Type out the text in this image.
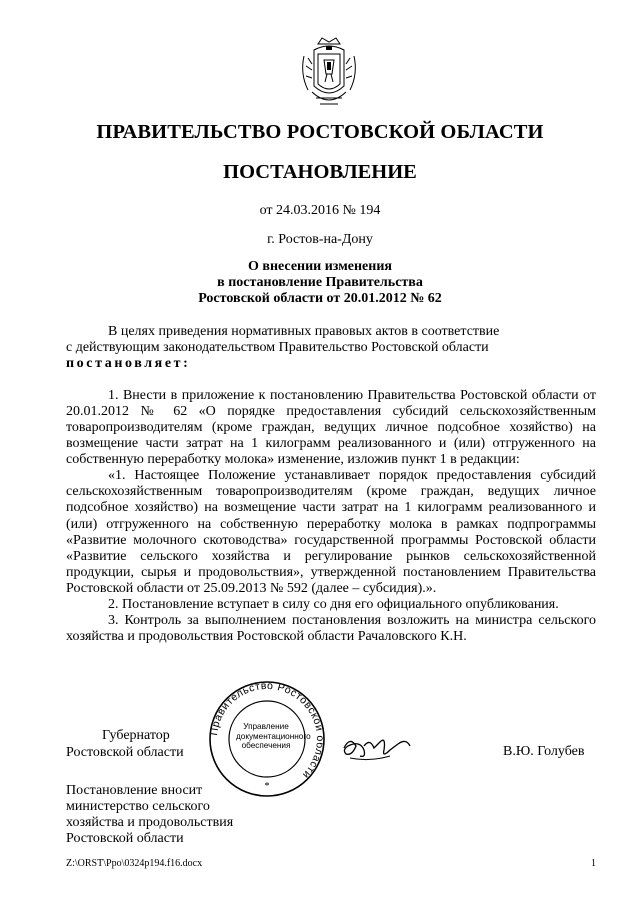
ПРАВИТЕЛЬСТВО РОСТОВСКОЙ ОБЛАСТИ
ПОСТАНОВЛЕНИЕ
от 24.03.2016 № 194
г. Ростов-на-Дону
О внесении изменения
в постановление Правительства
Ростовской области от 20.01.2012 № 62

В целях приведения нормативных правовых актов в соответствие

с действующим законодательством Правительство Ростовской области

постановляет:

1. Внести в приложение к постановлению Правительства Ростовской области от 20.01.2012 № 62 «О порядке предоставления субсидий сельскохозяйственным товаропроизводителям (кроме граждан, ведущих личное подсобное хозяйство) на возмещение части затрат на 1 килограмм реализованного и (или) отгруженного на собственную переработку молока» изменение, изложив пункт 1 в редакции:

«1. Настоящее Положение устанавливает порядок предоставления субсидий сельскохозяйственным товаропроизводителям (кроме граждан, ведущих личное подсобное хозяйство) на возмещение части затрат на 1 килограмм реализованного и (или) отгруженного на собственную переработку молока в рамках подпрограммы «Развитие молочного скотоводства» государственной программы Ростовской области «Развитие сельского хозяйства и регулирование рынков сельскохозяйственной продукции, сырья и продовольствия», утвержденной постановлением Правительства Ростовской области от 25.09.2013 № 592 (далее – субсидия).».

2. Постановление вступает в силу со дня его официального опубликования.

3. Контроль за выполнением постановления возложить на министра сельского хозяйства и продовольствия Ростовской области Рачаловского К.Н.

Правительство Ростовской области
*
Управление
документационного
обеспечения
Губернатор
Ростовской области	В.Ю. Голубев
Постановление вносит
министерство сельского
хозяйства и продовольствия
Ростовской области
Z:\ORST\Ppo\0324p194.f16.docx	1
